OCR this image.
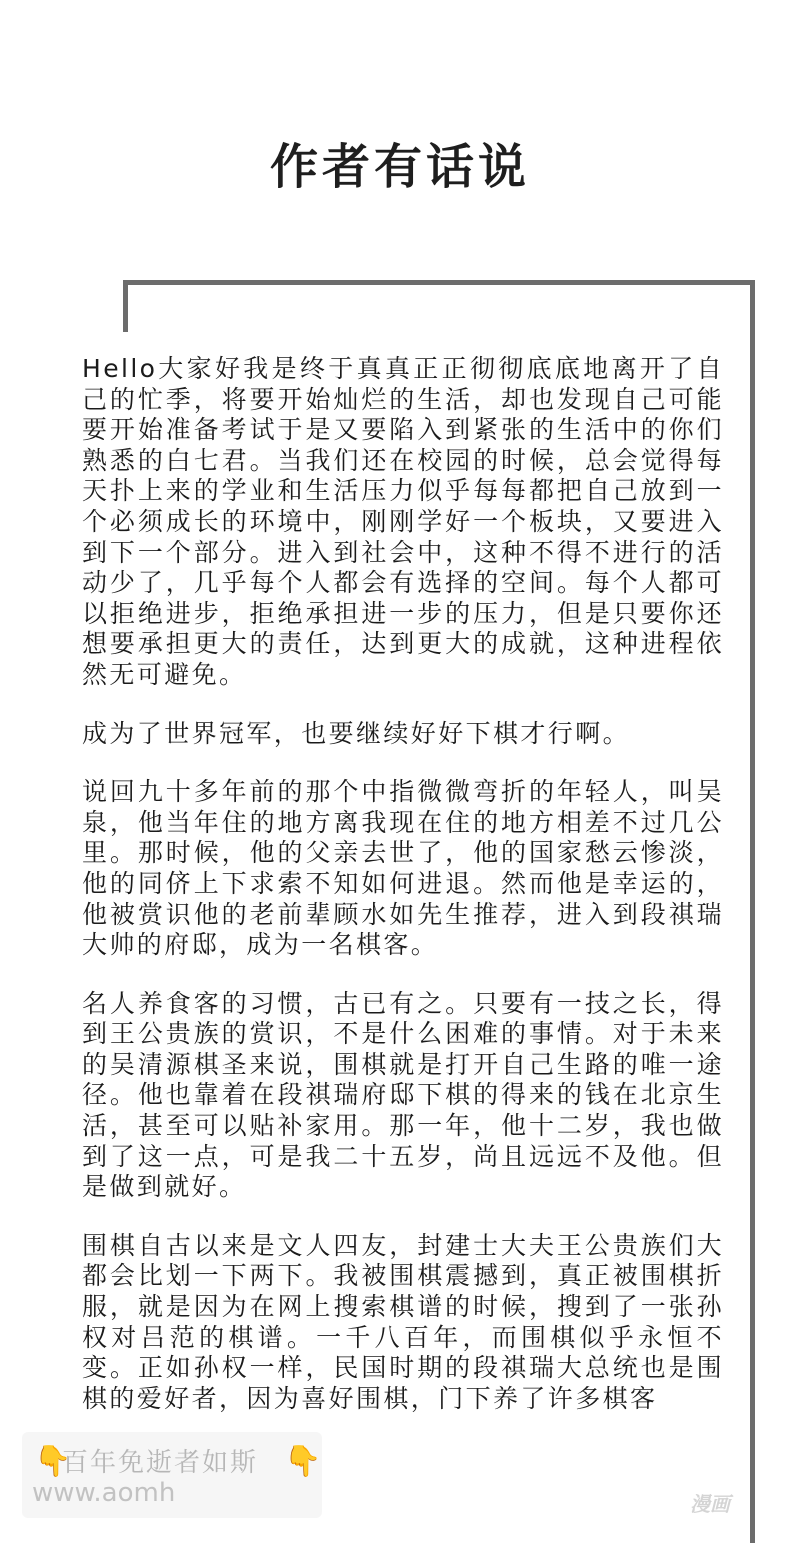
作者有话说

Hello大家好我是终于真真正正彻彻底底地离开了自己的忙季，将要开始灿烂的生活，却也发现自己可能要开始准备考试于是又要陷入到紧张的生活中的你们熟悉的白七君。当我们还在校园的时候，总会觉得每天扑上来的学业和生活压力似乎每每都把自己放到一个必须成长的环境中，刚刚学好一个板块，又要进入到下一个部分。进入到社会中，这种不得不进行的活动少了，几乎每个人都会有选择的空间。每个人都可以拒绝进步，拒绝承担进一步的压力，但是只要你还想要承担更大的责任，达到更大的成就，这种进程依然无可避免。

成为了世界冠军，也要继续好好下棋才行啊。

说回九十多年前的那个中指微微弯折的年轻人，叫吴泉，他当年住的地方离我现在住的地方相差不过几公里。那时候，他的父亲去世了，他的国家愁云惨淡，他的同侪上下求索不知如何进退。然而他是幸运的，他被赏识他的老前辈顾水如先生推荐，进入到段祺瑞大帅的府邸，成为一名棋客。

名人养食客的习惯，古已有之。只要有一技之长，得到王公贵族的赏识，不是什么困难的事情。对于未来的吴清源棋圣来说，围棋就是打开自己生路的唯一途径。他也靠着在段祺瑞府邸下棋的得来的钱在北京生活，甚至可以贴补家用。那一年，他十二岁，我也做到了这一点，可是我二十五岁，尚且远远不及他。但是做到就好。

围棋自古以来是文人四友，封建士大夫王公贵族们大都会比划一下两下。我被围棋震撼到，真正被围棋折服，就是因为在网上搜索棋谱的时候，搜到了一张孙权对吕范的棋谱。一千八百年，而围棋似乎永恒不变。正如孙权一样，民国时期的段祺瑞大总统也是围棋的爱好者，因为喜好围棋，门下养了许多棋客

👇	👇
百年免逝者如斯
www.aomh	漫画
